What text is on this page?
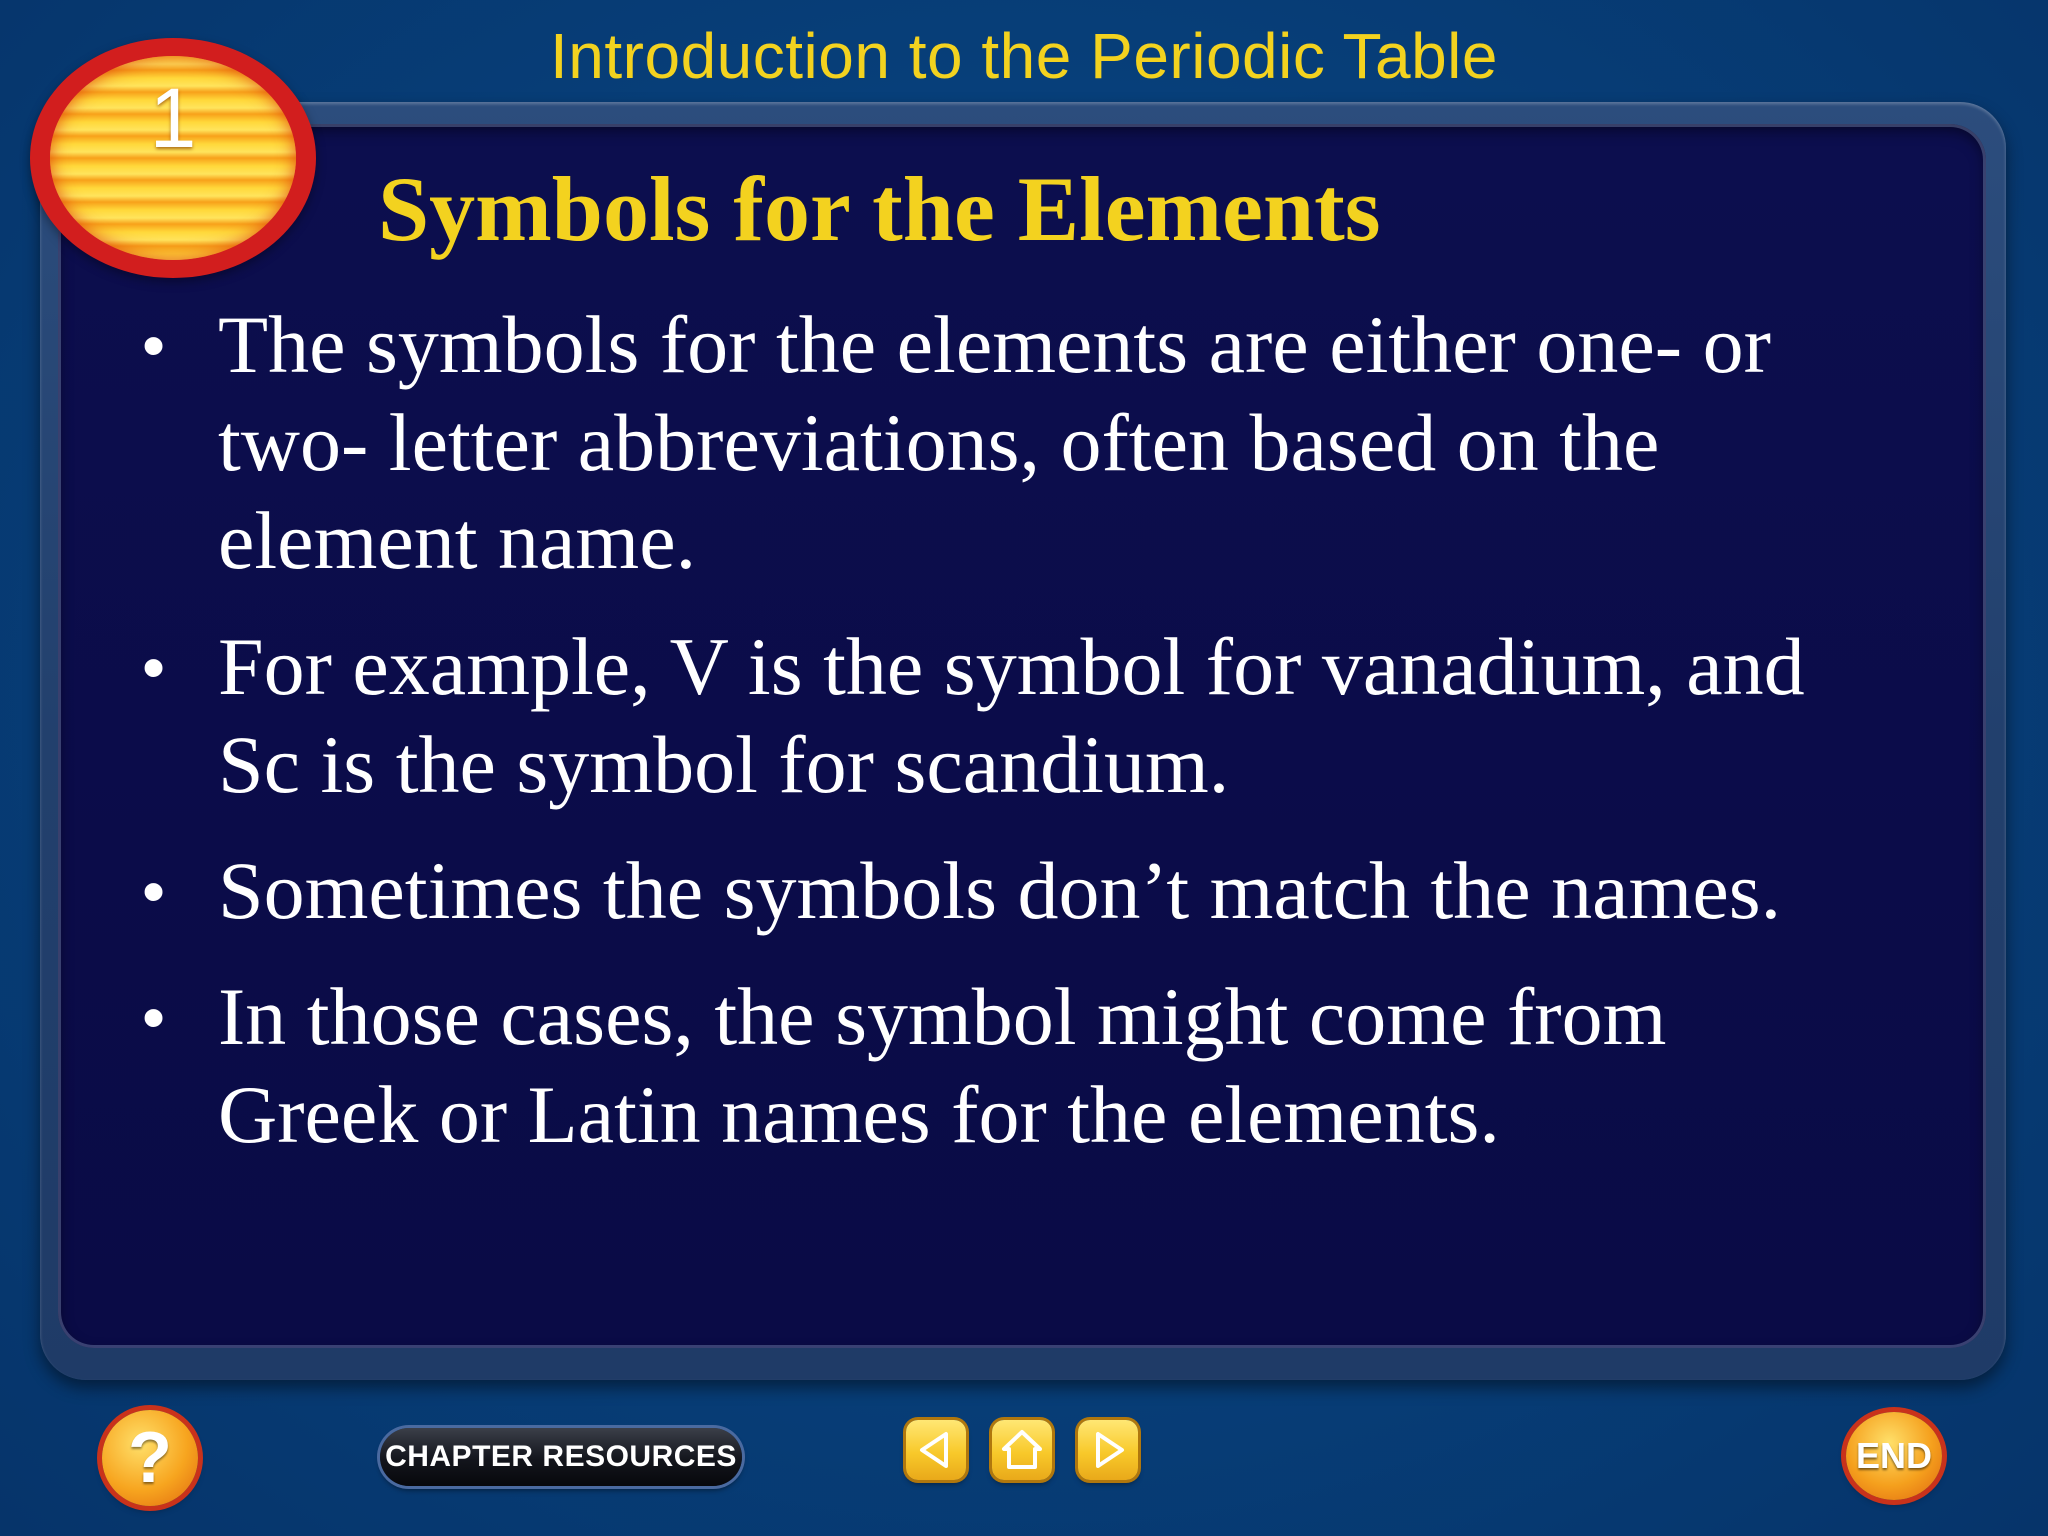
Introduction to the Periodic Table
1
Symbols for the Elements
• The symbols for the elements are either one- or two- letter abbreviations, often based on the element name.
• For example, V is the symbol for vanadium, and Sc is the symbol for scandium.
• Sometimes the symbols don’t match the names.
• In those cases, the symbol might come from Greek or Latin names for the elements.
?	CHAPTER RESOURCES	END
